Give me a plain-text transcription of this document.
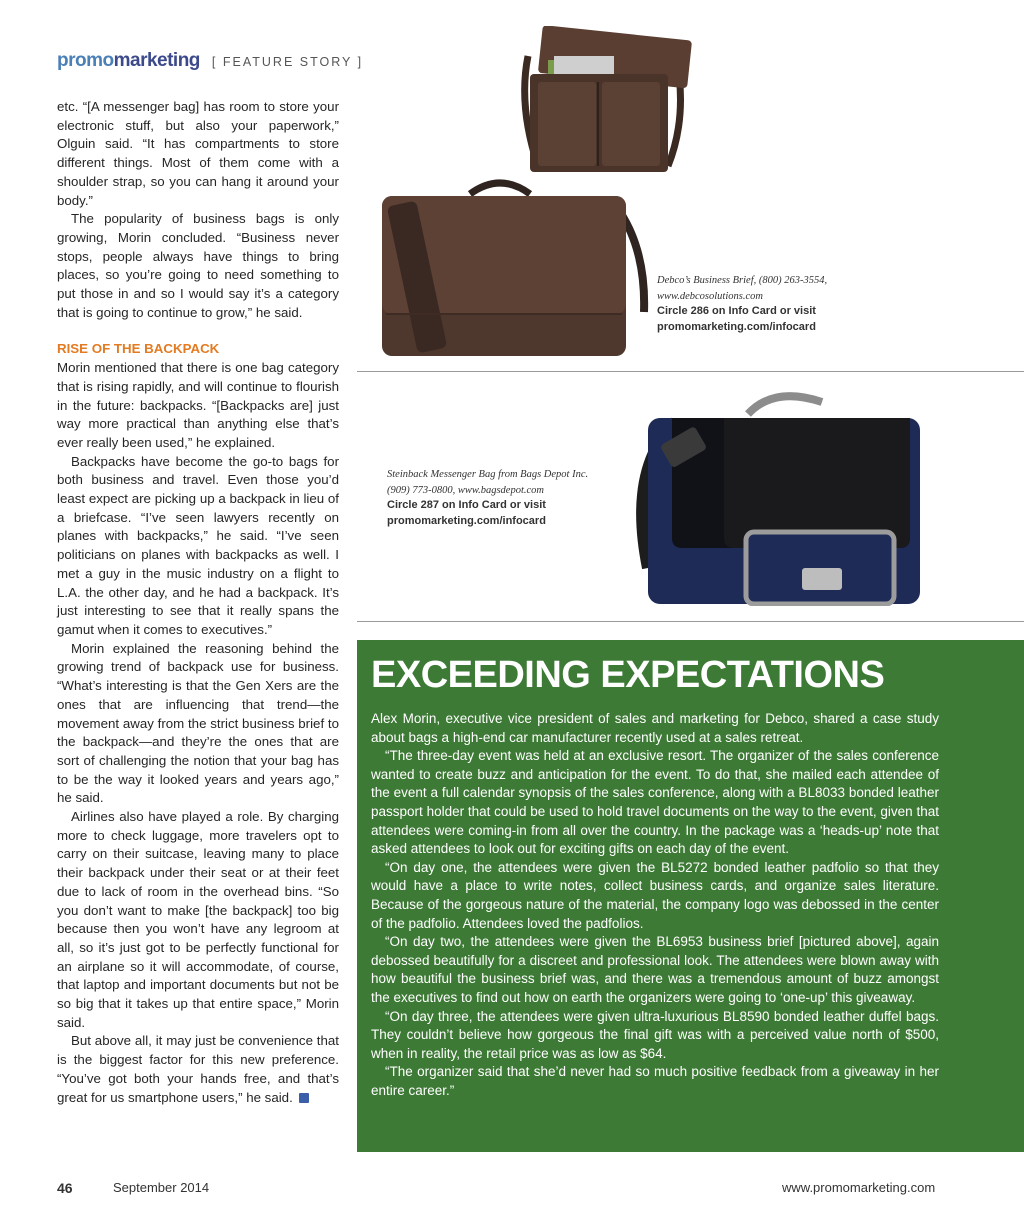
promo marketing [ FEATURE STORY ]

etc. “[A messenger bag] has room to store your electronic stuff, but also your paperwork,” Olguin said. “It has compartments to store different things. Most of them come with a shoulder strap, so you can hang it around your body.”

The popularity of business bags is only growing, Morin concluded. “Business never stops, people always have things to bring places, so you’re going to need something to put those in and so I would say it’s a category that is going to continue to grow,” he said.

RISE OF THE BACKPACK

Morin mentioned that there is one bag category that is rising rapidly, and will continue to flourish in the future: backpacks. “[Backpacks are] just way more practical than anything else that’s ever really been used,” he explained.

Backpacks have become the go-to bags for both business and travel. Even those you’d least expect are picking up a backpack in lieu of a briefcase. “I’ve seen lawyers recently on planes with backpacks,” he said. “I’ve seen politicians on planes with backpacks as well. I met a guy in the music industry on a flight to L.A. the other day, and he had a backpack. It’s just interesting to see that it really spans the gamut when it comes to executives.”

Morin explained the reasoning behind the growing trend of backpack use for business. “What’s interesting is that the Gen Xers are the ones that are influencing that trend—the movement away from the strict business brief to the backpack—and they’re the ones that are sort of challenging the notion that your bag has to be the way it looked years and years ago,” he said.

Airlines also have played a role. By charging more to check luggage, more travelers opt to carry on their suitcase, leaving many to place their backpack under their seat or at their feet due to lack of room in the overhead bins. “So you don’t want to make [the backpack] too big because then you won’t have any legroom at all, so it’s just got to be perfectly functional for an airplane so it will accommodate, of course, that laptop and important documents but not be so big that it takes up that entire space,” Morin said.

But above all, it may just be convenience that is the biggest factor for this new preference. “You’ve got both your hands free, and that’s great for us smartphone users,” he said.

Debco’s Business Brief, (800) 263-3554,
www.debcosolutions.com
Circle 286 on Info Card or visit
promomarketing.com/infocard
Steinback Messenger Bag from Bags Depot Inc.
(909) 773-0800, www.bagsdepot.com
Circle 287 on Info Card or visit
promomarketing.com/infocard
EXCEEDING EXPECTATIONS

Alex Morin, executive vice president of sales and marketing for Debco, shared a case study about bags a high-end car manufacturer recently used at a sales retreat.

“The three-day event was held at an exclusive resort. The organizer of the sales conference wanted to create buzz and anticipation for the event. To do that, she mailed each attendee of the event a full calendar synopsis of the sales conference, along with a BL8033 bonded leather passport holder that could be used to hold travel documents on the way to the event, given that attendees were coming-in from all over the country. In the package was a ‘heads-up’ note that asked attendees to look out for exciting gifts on each day of the event.

“On day one, the attendees were given the BL5272 bonded leather padfolio so that they would have a place to write notes, collect business cards, and organize sales literature. Because of the gorgeous nature of the material, the company logo was debossed in the center of the padfolio. Attendees loved the padfolios.

“On day two, the attendees were given the BL6953 business brief [pictured above], again debossed beautifully for a discreet and professional look. The attendees were blown away with how beautiful the business brief was, and there was a tremendous amount of buzz amongst the executives to find out how on earth the organizers were going to ‘one-up’ this giveaway.

“On day three, the attendees were given ultra-luxurious BL8590 bonded leather duffel bags. They couldn’t believe how gorgeous the final gift was with a perceived value north of $500, when in reality, the retail price was as low as $64.

“The organizer said that she’d never had so much positive feedback from a giveaway in her entire career.”

46	September 2014	www.promomarketing.com
